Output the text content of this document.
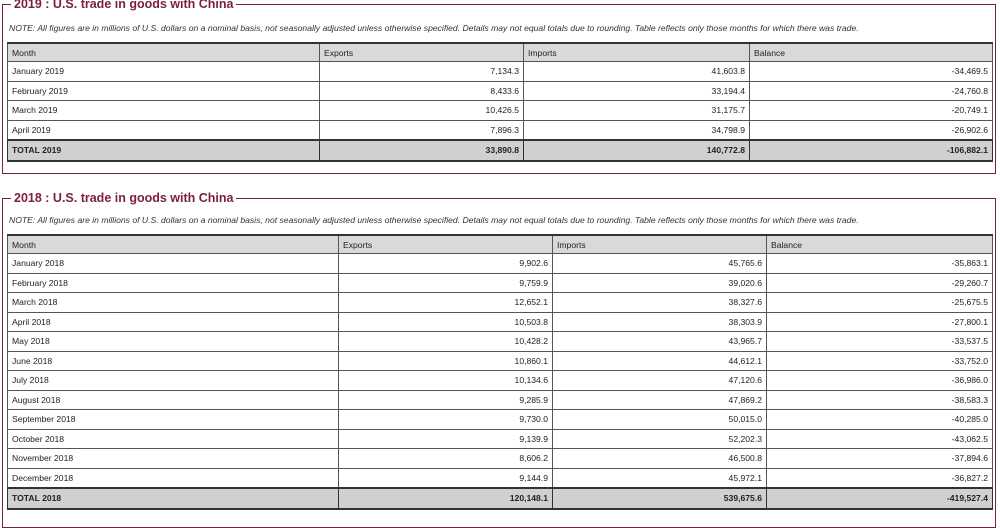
2019 : U.S. trade in goods with China
NOTE: All figures are in millions of U.S. dollars on a nominal basis, not seasonally adjusted unless otherwise specified. Details may not equal totals due to rounding. Table reflects only those months for which there was trade.
Month	Exports	Imports	Balance
January 2019	7,134.3	41,603.8	-34,469.5
February 2019	8,433.6	33,194.4	-24,760.8
March 2019	10,426.5	31,175.7	-20,749.1
April 2019	7,896.3	34,798.9	-26,902.6
TOTAL 2019	33,890.8	140,772.8	-106,882.1
2018 : U.S. trade in goods with China
NOTE: All figures are in millions of U.S. dollars on a nominal basis, not seasonally adjusted unless otherwise specified. Details may not equal totals due to rounding. Table reflects only those months for which there was trade.
Month	Exports	Imports	Balance
January 2018	9,902.6	45,765.6	-35,863.1
February 2018	9,759.9	39,020.6	-29,260.7
March 2018	12,652.1	38,327.6	-25,675.5
April 2018	10,503.8	38,303.9	-27,800.1
May 2018	10,428.2	43,965.7	-33,537.5
June 2018	10,860.1	44,612.1	-33,752.0
July 2018	10,134.6	47,120.6	-36,986.0
August 2018	9,285.9	47,869.2	-38,583.3
September 2018	9,730.0	50,015.0	-40,285.0
October 2018	9,139.9	52,202.3	-43,062.5
November 2018	8,606.2	46,500.8	-37,894.6
December 2018	9,144.9	45,972.1	-36,827.2
TOTAL 2018	120,148.1	539,675.6	-419,527.4
